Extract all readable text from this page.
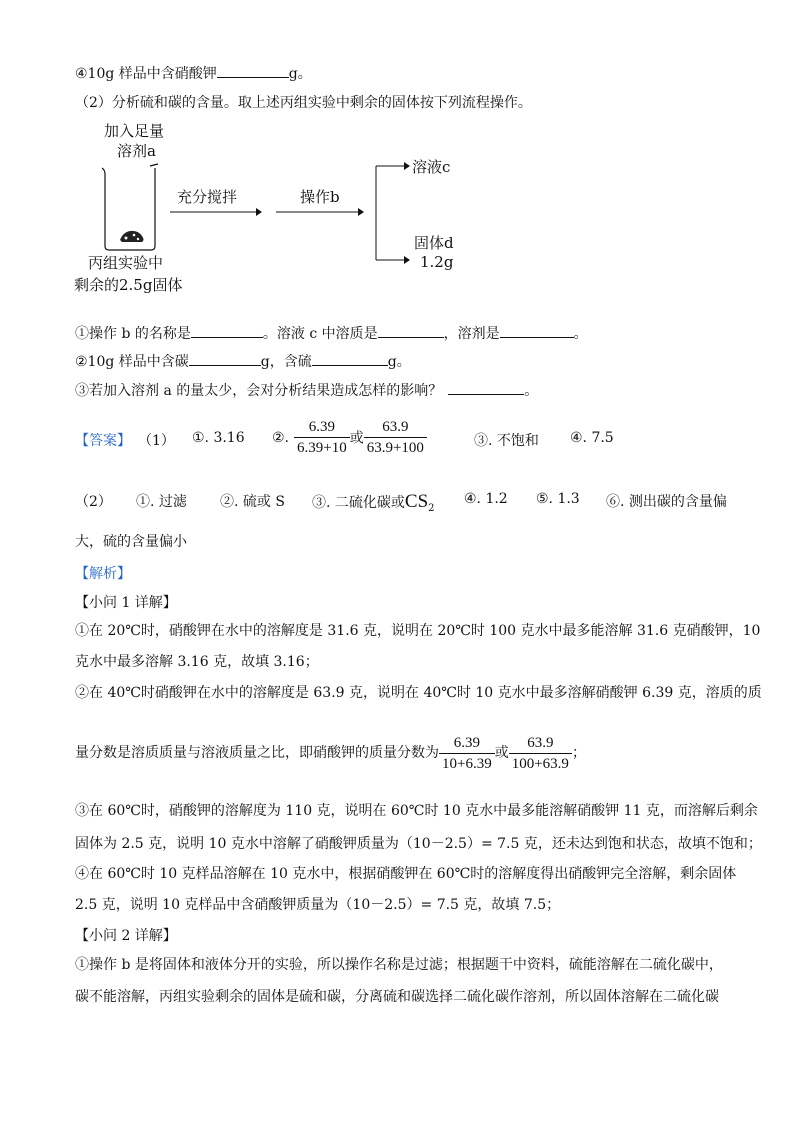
④10g 样品中含硝酸钾	g。
（2）分析硫和碳的含量。取上述丙组实验中剩余的固体按下列流程操作。
加入足量
溶剂a
充分搅拌	操作b
溶液c
固体d
1.2g
丙组实验中
剩余的2.5g固体
①操作 b 的名称是	。溶液 c 中溶质是	，溶剂是	。
②10g 样品中含碳	g，含硫	g。
③若加入溶剂 a 的量太少，会对分析结果造成怎样的影响？	。
【答案】 （1） ①. 3.16 ②. $\frac{6.39}{6.39+10}$ 或 $\frac{63.9}{63.9+100}$	③. 不饱和 ④. 7.5
（2） ①. 过滤 ②. 硫或 S ③. 二硫化碳或$CS_2$
④. 1.2 ⑤. 1.3 ⑥. 测出碳的含量偏
大，硫的含量偏小
【解析】
【小问 1 详解】
①在 20℃时，硝酸钾在水中的溶解度是 31.6 克，说明在 20℃时 100 克水中最多能溶解 31.6 克硝酸钾，10
克水中最多溶解 3.16 克，故填 3.16；
②在 40℃时硝酸钾在水中的溶解度是 63.9 克，说明在 40℃时 10 克水中最多溶解硝酸钾 6.39 克，溶质的质
量分数是溶质质量与溶液质量之比，即硝酸钾的质量分数为 $\frac{6.39}{10+6.39}$ 或 $\frac{63.9}{100+63.9}$ ；
③在 60℃时，硝酸钾的溶解度为 110 克，说明在 60℃时 10 克水中最多能溶解硝酸钾 11 克，而溶解后剩余
固体为 2.5 克，说明 10 克水中溶解了硝酸钾质量为（10－2.5）= 7.5 克，还未达到饱和状态，故填不饱和；
④在 60℃时 10 克样品溶解在 10 克水中，根据硝酸钾在 60℃时的溶解度得出硝酸钾完全溶解，剩余固体
2.5 克，说明 10 克样品中含硝酸钾质量为（10－2.5）= 7.5 克，故填 7.5；
【小问 2 详解】
①操作 b 是将固体和液体分开的实验，所以操作名称是过滤；根据题干中资料，硫能溶解在二硫化碳中，
碳不能溶解，丙组实验剩余的固体是硫和碳，分离硫和碳选择二硫化碳作溶剂，所以固体溶解在二硫化碳
